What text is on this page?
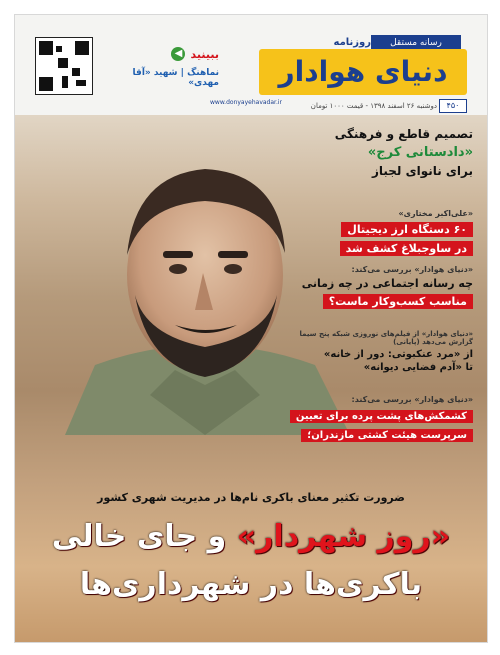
ببینید ◀
نماهنگ | شهید «آقا مهدی»
رسانه مستقل
روزنامه
دنیای هوادار
۴۵۰
دوشنبه ۲۶ اسفند ۱۳۹۸ - قیمت ۱۰۰۰ تومان
www.donyayehavadar.ir
تصمیم قاطع و فرهنگی
«دادستانی کرج»
برای نانوای لجباز
«علی‌اکبر مختاری»
۶۰ دستگاه ارز دیجیتال
در ساوجبلاغ کشف شد
«دنیای هوادار» بررسی می‌کند:
چه رسانه اجتماعی در چه زمانی
مناسب کسب‌وکار ماست؟
«دنیای هوادار» از فیلم‌های نوروزی شبکه پنج سیما گزارش می‌دهد (پایانی)
از «مرد عنکبوتی: دور از خانه»
تا «آدم فضایی دیوانه»
«دنیای هوادار» بررسی می‌کند:
کشمکش‌های پشت پرده برای تعیین
سرپرست هیئت کشتی مازندران؛
ضرورت تکثیر معنای باکری نام‌ها در مدیریت شهری کشور
«روز شهردار» و جای خالی
باکری‌ها در شهرداری‌ها
